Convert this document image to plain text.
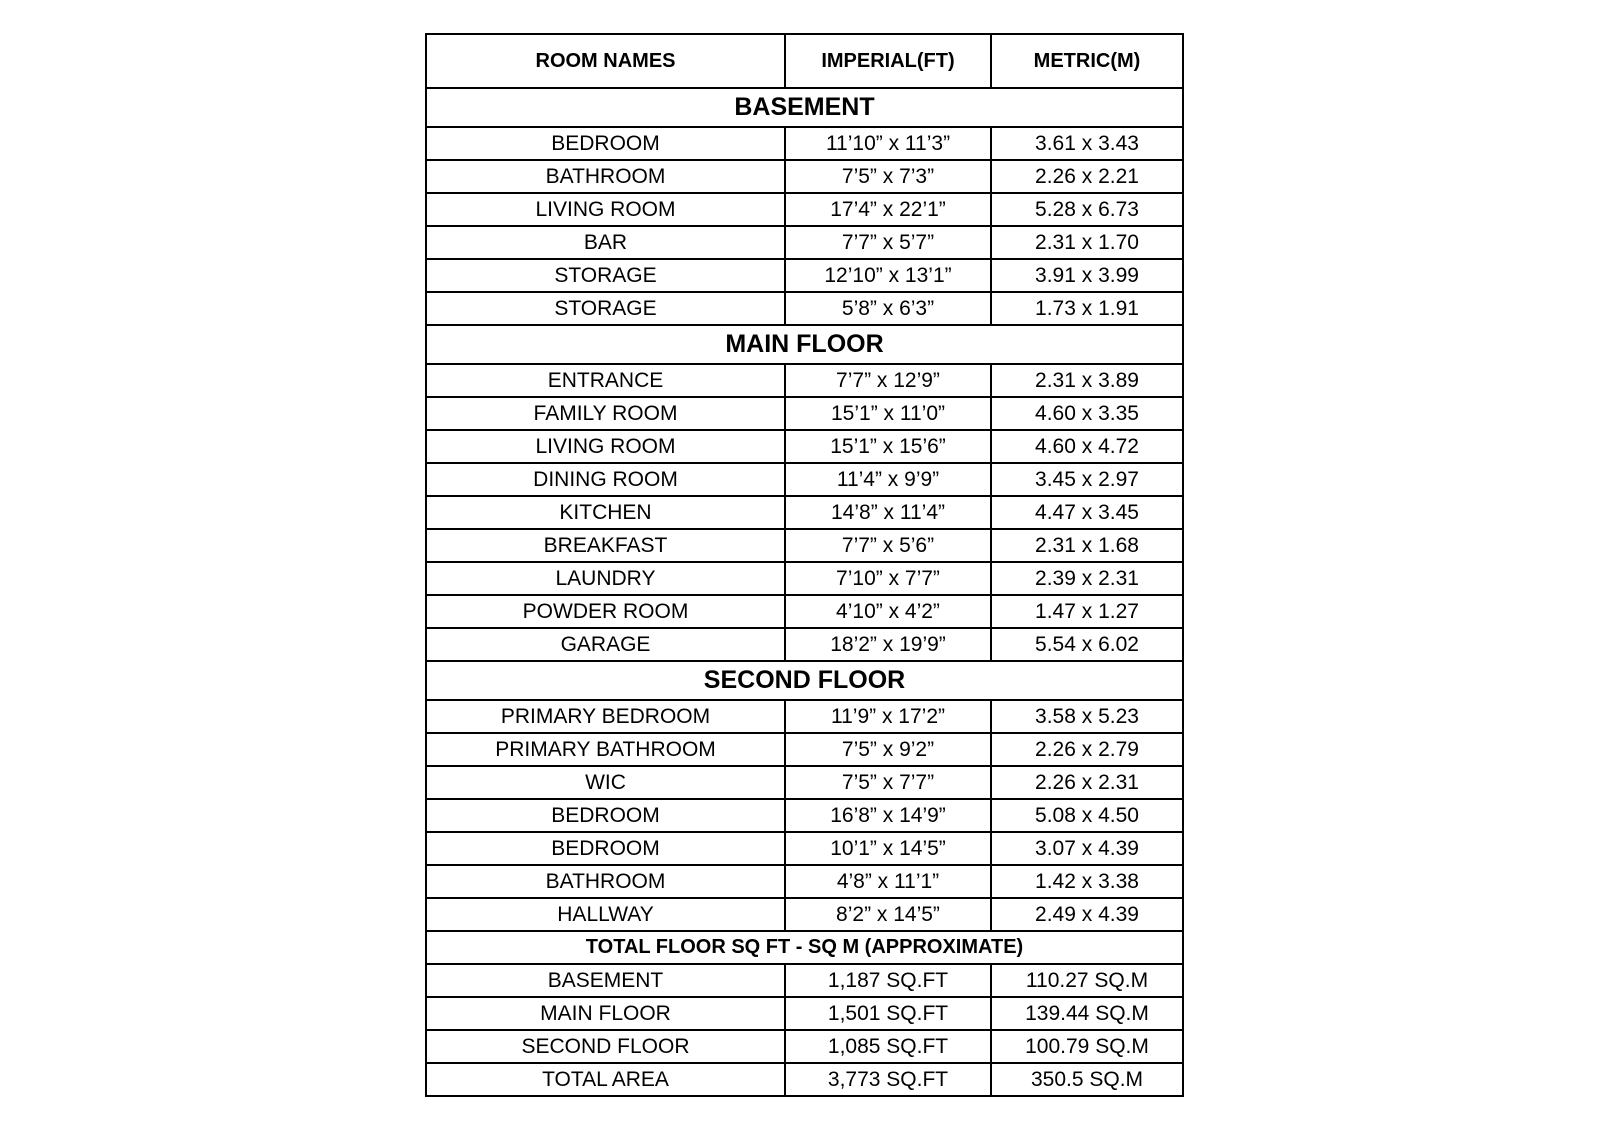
ROOM NAMES	IMPERIAL(FT)	METRIC(M)
BASEMENT		
BEDROOM	11’10” x 11’3”	3.61 x 3.43
BATHROOM	7’5” x 7’3”	2.26 x 2.21
LIVING ROOM	17’4” x 22’1”	5.28 x 6.73
BAR	7’7” x 5’7”	2.31 x 1.70
STORAGE	12’10” x 13’1”	3.91 x 3.99
STORAGE	5’8” x 6’3”	1.73 x 1.91
MAIN FLOOR		
ENTRANCE	7’7” x 12’9”	2.31 x 3.89
FAMILY ROOM	15’1” x 11’0”	4.60 x 3.35
LIVING ROOM	15’1” x 15’6”	4.60 x 4.72
DINING ROOM	11’4” x 9’9”	3.45 x 2.97
KITCHEN	14’8” x 11’4”	4.47 x 3.45
BREAKFAST	7’7” x 5’6”	2.31 x 1.68
LAUNDRY	7’10” x 7’7”	2.39 x 2.31
POWDER ROOM	4’10” x 4’2”	1.47 x 1.27
GARAGE	18’2” x 19’9”	5.54 x 6.02
SECOND FLOOR		
PRIMARY BEDROOM	11’9” x 17’2”	3.58 x 5.23
PRIMARY BATHROOM	7’5” x 9’2”	2.26 x 2.79
WIC	7’5” x 7’7”	2.26 x 2.31
BEDROOM	16’8” x 14’9”	5.08 x 4.50
BEDROOM	10’1” x 14’5”	3.07 x 4.39
BATHROOM	4’8” x 11’1”	1.42 x 3.38
HALLWAY	8’2” x 14’5”	2.49 x 4.39
TOTAL FLOOR SQ FT - SQ M (APPROXIMATE)		
BASEMENT	1,187 SQ.FT	110.27 SQ.M
MAIN FLOOR	1,501 SQ.FT	139.44 SQ.M
SECOND FLOOR	1,085 SQ.FT	100.79 SQ.M
TOTAL AREA	3,773 SQ.FT	350.5 SQ.M
